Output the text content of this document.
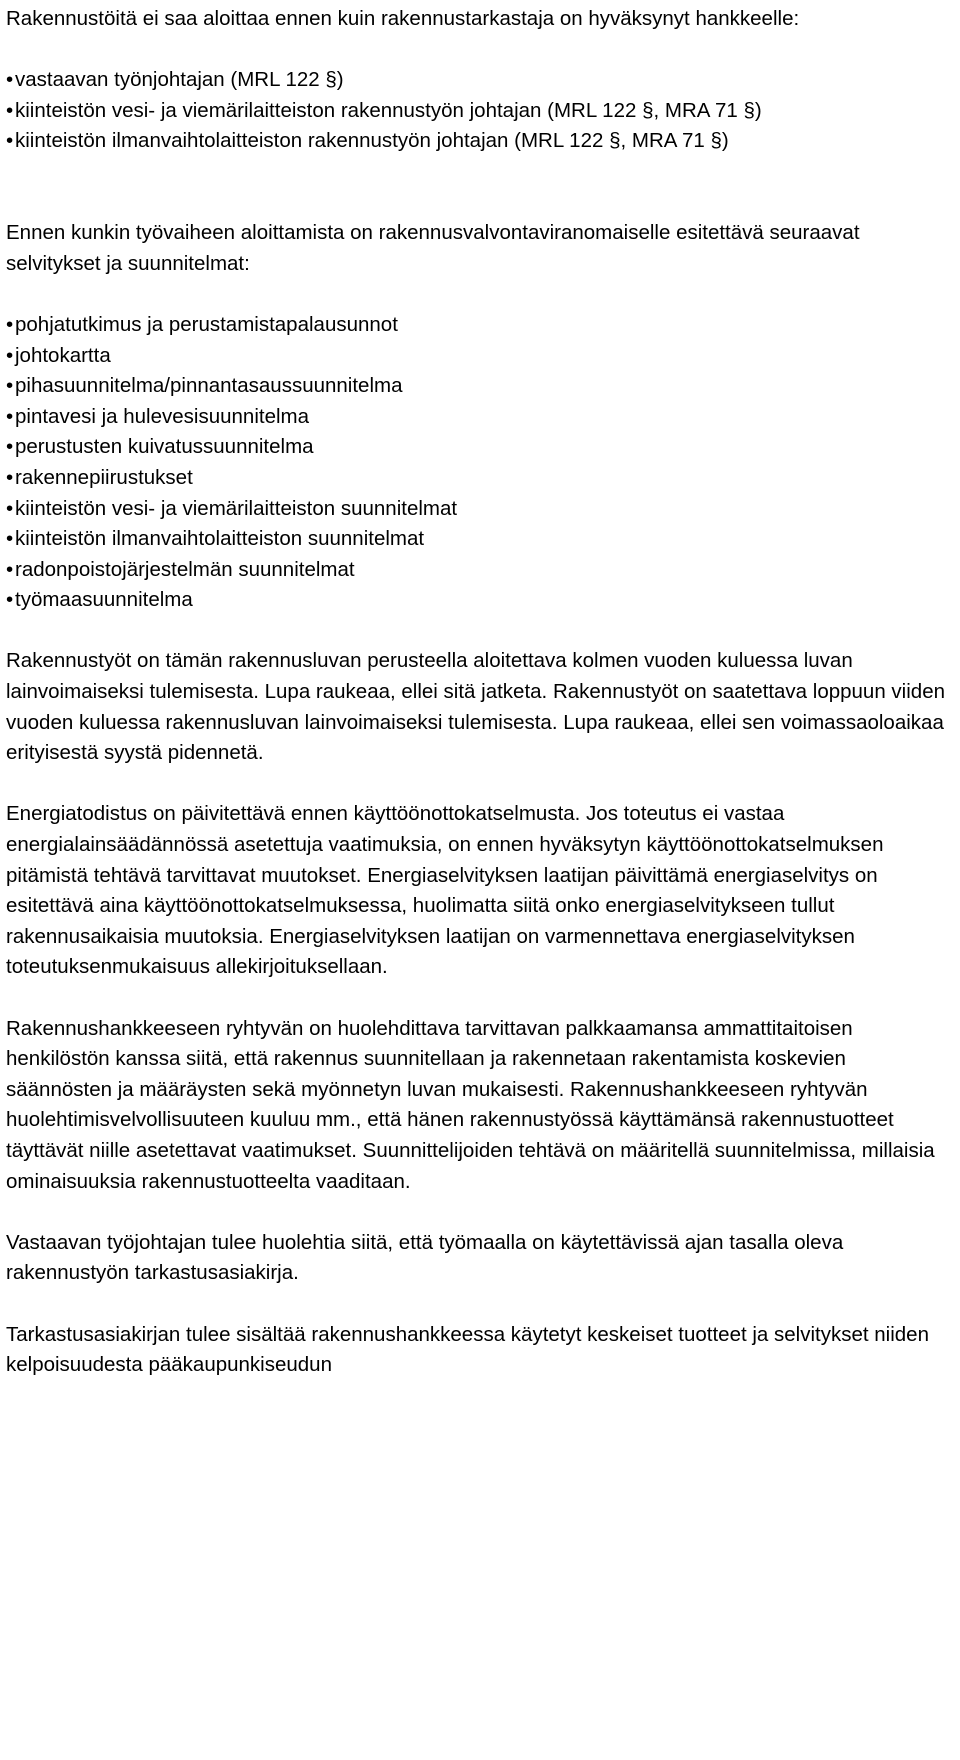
Rakennustöitä ei saa aloittaa ennen kuin rakennustarkastaja on hyväksynyt hankkeelle:

•vastaavan työnjohtajan (MRL 122 §)
•kiinteistön vesi- ja viemärilaitteiston rakennustyön johtajan (MRL 122 §, MRA 71 §)
•kiinteistön ilmanvaihtolaitteiston rakennustyön johtajan (MRL 122 §, MRA 71 §)

Ennen kunkin työvaiheen aloittamista on rakennusvalvontaviranomaiselle esitettävä seuraavat selvitykset ja suunnitelmat:

•pohjatutkimus ja perustamistapalausunnot
•johtokartta
•pihasuunnitelma/pinnantasaussuunnitelma
•pintavesi ja hulevesisuunnitelma
•perustusten kuivatussuunnitelma
•rakennepiirustukset
•kiinteistön vesi- ja viemärilaitteiston suunnitelmat
•kiinteistön ilmanvaihtolaitteiston suunnitelmat
•radonpoistojärjestelmän suunnitelmat
•työmaasuunnitelma

Rakennustyöt on tämän rakennusluvan perusteella aloitettava kolmen vuoden kuluessa luvan lainvoimaiseksi tulemisesta. Lupa raukeaa, ellei sitä jatketa. Rakennustyöt on saatettava loppuun viiden vuoden kuluessa rakennusluvan lainvoimaiseksi tulemisesta. Lupa raukeaa, ellei sen voimassaoloaikaa erityisestä syystä pidennetä.

Energiatodistus on päivitettävä ennen käyttöönottokatselmusta. Jos toteutus ei vastaa energialainsäädännössä asetettuja vaatimuksia, on ennen hyväksytyn käyttöönottokatselmuksen pitämistä tehtävä tarvittavat muutokset. Energiaselvityksen laatijan päivittämä energiaselvitys on esitettävä aina käyttöönottokatselmuksessa, huolimatta siitä onko energiaselvitykseen tullut rakennusaikaisia muutoksia. Energiaselvityksen laatijan on varmennettava energiaselvityksen toteutuksenmukaisuus allekirjoituksellaan.

Rakennushankkeeseen ryhtyvän on huolehdittava tarvittavan palkkaamansa ammattitaitoisen henkilöstön kanssa siitä, että rakennus suunnitellaan ja rakennetaan rakentamista koskevien säännösten ja määräysten sekä myönnetyn luvan mukaisesti. Rakennushankkeeseen ryhtyvän huolehtimisvelvollisuuteen kuuluu mm., että hänen rakennustyössä käyttämänsä rakennustuotteet täyttävät niille asetettavat vaatimukset. Suunnittelijoiden tehtävä on määritellä suunnitelmissa, millaisia ominaisuuksia rakennustuotteelta vaaditaan.

Vastaavan työjohtajan tulee huolehtia siitä, että työmaalla on käytettävissä ajan tasalla oleva rakennustyön tarkastusasiakirja.

Tarkastusasiakirjan tulee sisältää rakennushankkeessa käytetyt keskeiset tuotteet ja selvitykset niiden kelpoisuudesta pääkaupunkiseudun
